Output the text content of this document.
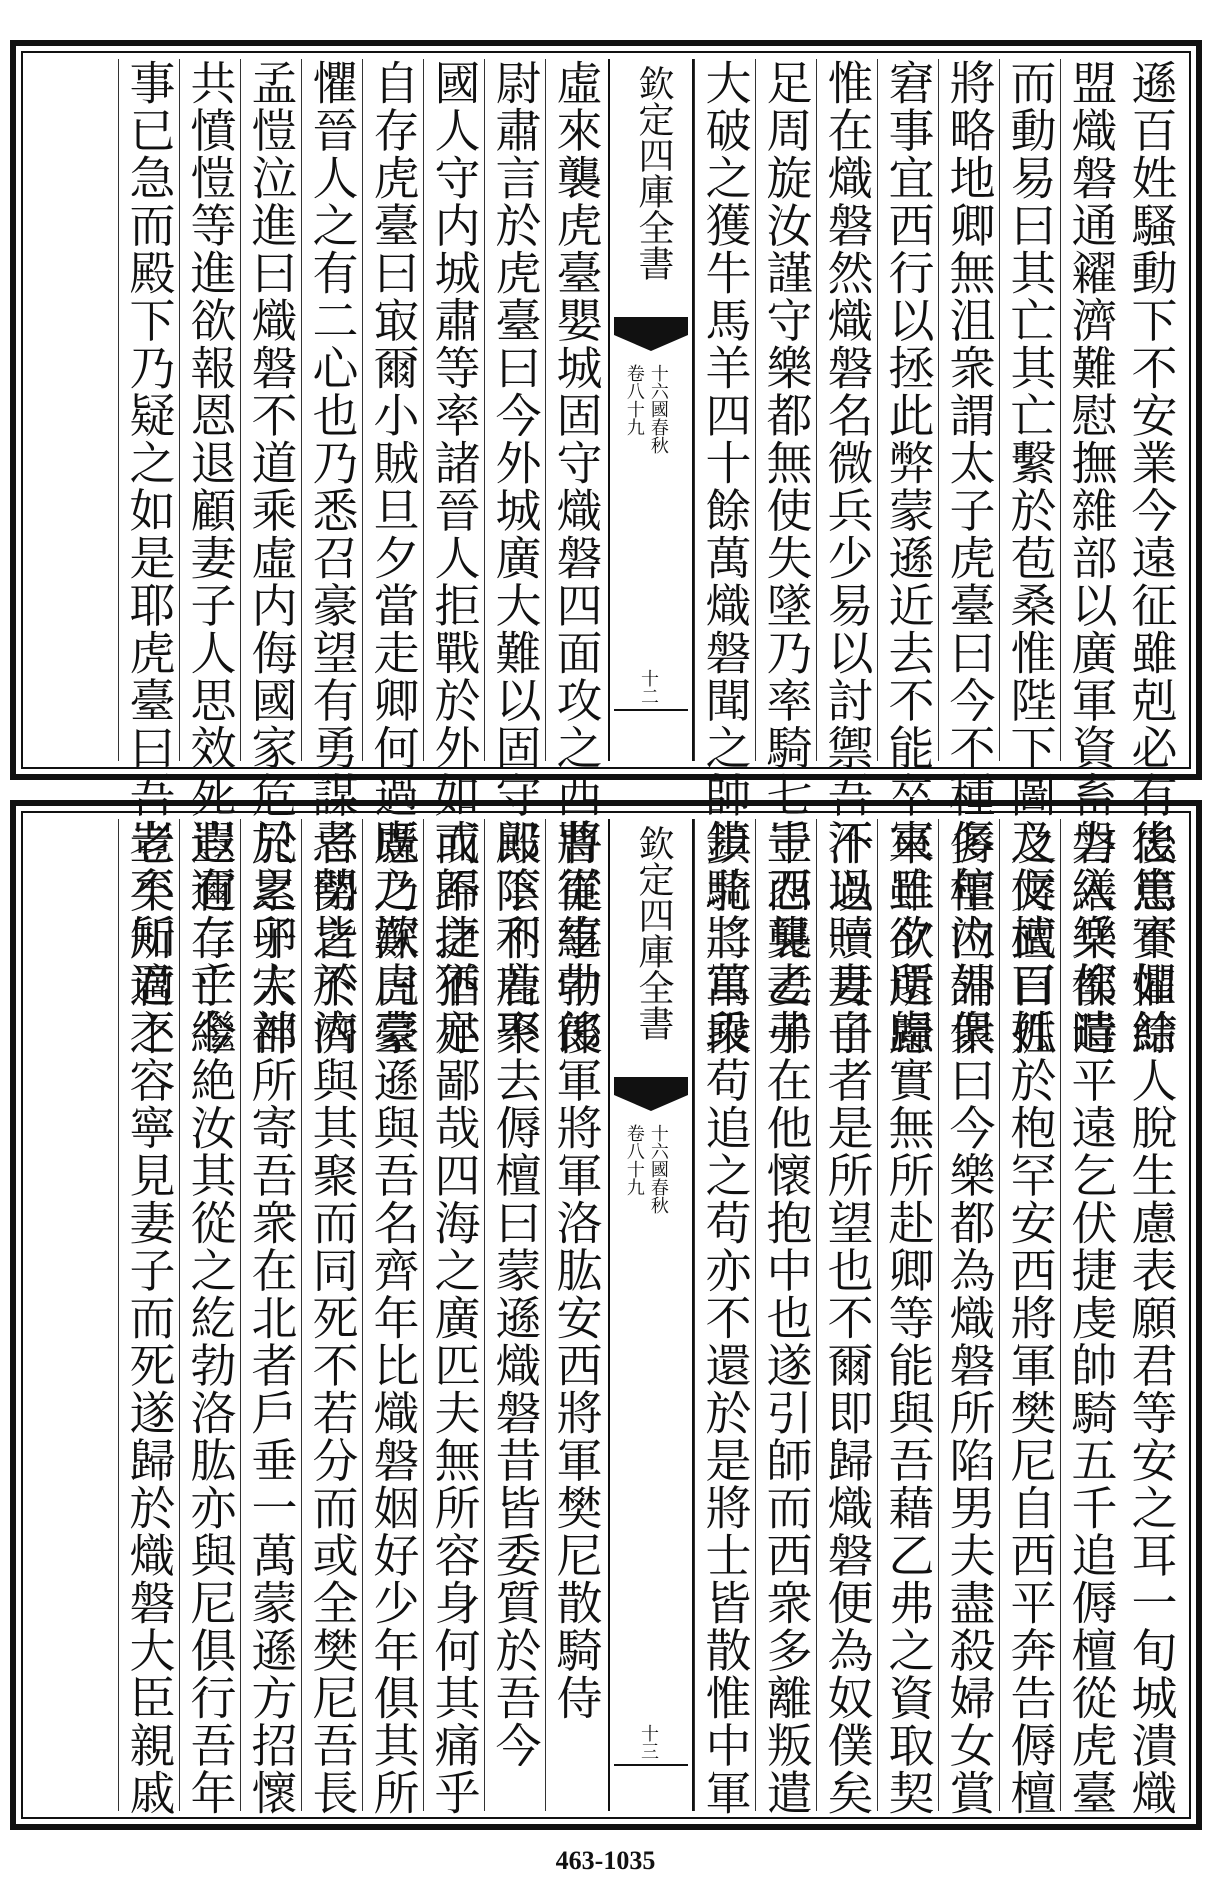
遜百姓騷動下不安業今遠征雖剋必有後患不如結
盟熾磐通糴濟難慰撫雜部以廣軍資畜力繕兵俟時
而動易曰其亡其亡繫於苞桑惟陛下圖之傉檀曰孤
將略地卿無沮衆謂太子虎臺曰今不種多年内外俱
窘事宜西行以拯此弊蒙遜近去不能卒來旦夕所慮
惟在熾磐然熾磐名微兵少易以討禦吾不過一月自
足周旋汝謹守樂都無使失墜乃率騎七千西襲乙弗
大破之獲牛馬羊四十餘萬熾磐聞之帥步騎二萬乘
欽定四庫全書
十六國春秋
卷八十九
十二
虛來襲虎臺嬰城固守熾磐四面攻之西曹從事中郎
尉肅言於虎臺曰今外城廣大難以固守殿下不若聚
國人守内城肅等率諸晉人拒戰於外如或不捷猶足
自存虎臺曰㝡爾小賊旦夕當走卿何過慮之深虎臺
懼晉人之有二心也乃悉召豪望有勇謀者閉之於内
孟愷泣進曰熾磐不道乘虛内侮國家危於累卵人神
共憤愷等進欲報恩退顧妻子人思效死豈有二乎今
事已急而殿下乃疑之如是耶虎臺曰吾豈不知君之
忠篤實懼餘人脫生慮表願君等安之耳一旬城潰熾
磐入樂都遣平遠乞伏捷虔帥騎五千追傉檀從虎臺
及文武百姓於枹罕安西將軍樊尼自西平奔告傉檀
傉檀泣謂衆曰今樂都為熾磐所陷男夫盡殺婦女賞
軍雖欲還歸實無所赴卿等能與吾藉乙弗之資取契
汗以贖妻子者是所望也不爾即歸熾磐便為奴僕矣
豈忍見妻子在他懷抱中也遂引師而西衆多離叛遣
鎮北將軍段苟追之苟亦不還於是將士皆散惟中軍
欽定四庫全書
十六國春秋
卷八十九
十三
將軍紇勃後軍將軍洛肱安西將軍樊尼散騎侍
郎陰利鹿不去傉檀曰蒙遜熾磐昔皆委質於吾今
而歸之不亦鄙哉四海之廣匹夫無所容身何其痛乎
既乃歎曰蒙遜與吾名齊年比熾磐姻好少年俱其所
忌勢皆不濟與其聚而同死不若分而或全樊尼吾長
兄之子宗部所寄吾衆在北者戶垂一萬蒙遜方招懷
遐邇存亡繼絶汝其從之紇勃洛肱亦與尼俱行吾年
老矣所適不容寧見妻子而死遂歸於熾磐大臣親戚
463-1035
